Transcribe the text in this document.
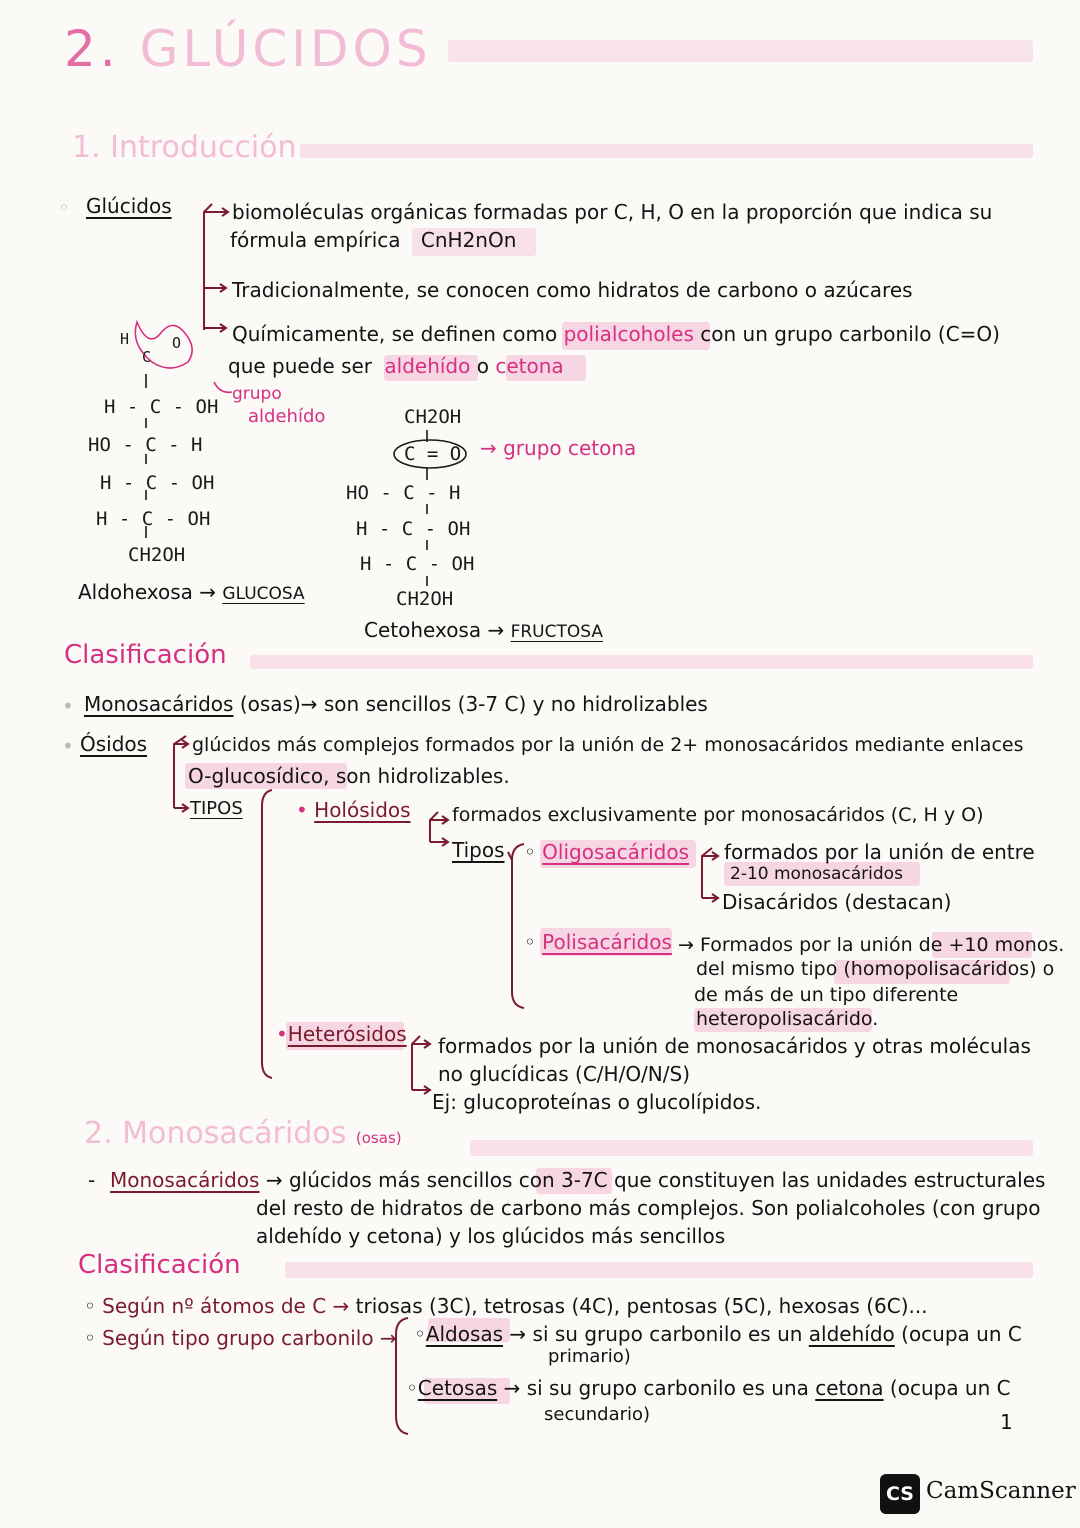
2. GLÚCIDOS
1. Introducción
◦ Glúcidos	biomoléculas orgánicas formadas por C, H, O en la proporción que indica su
fórmula empírica CnH2nOn
Tradicionalmente, se conocen como hidratos de carbono o azúcares
Químicamente, se definen como polialcoholes con un grupo carbonilo (C=O)
que puede ser aldehído o cetona
H
C
O
H - C - OH
HO - C - H
H - C - OH
H - C - OH
CH2OH
grupo
aldehído
Aldohexosa → GLUCOSA
CH2OH
C = O → grupo cetona
HO - C - H
H - C - OH
H - C - OH
CH2OH
Cetohexosa → FRUCTOSA
Clasificación
• Monosacáridos (osas)→ son sencillos (3-7 C) y no hidrolizables
• Ósidos glúcidos más complejos formados por la unión de 2+ monosacáridos mediante enlaces
O-glucosídico, son hidrolizables.
TIPOS	• Holósidos formados exclusivamente por monosacáridos (C, H y O)
Tipos ◦ Oligosacáridos formados por la unión de entre
2-10 monosacáridos
Disacáridos (destacan)
◦ Polisacáridos → Formados por la unión de +10 monos.
del mismo tipo (homopolisacáridos) o
de más de un tipo diferente
heteropolisacárido.
•Heterósidos formados por la unión de monosacáridos y otras moléculas
no glucídicas (C/H/O/N/S)
Ej: glucoproteínas o glucolípidos.
2. Monosacáridos (osas)
- Monosacáridos → glúcidos más sencillos con 3-7C que constituyen las unidades estructurales
del resto de hidratos de carbono más complejos. Son polialcoholes (con grupo
aldehído y cetona) y los glúcidos más sencillos
Clasificación
◦ Según nº átomos de C → triosas (3C), tetrosas (4C), pentosas (5C), hexosas (6C)...
◦ Según tipo grupo carbonilo → ◦Aldosas → si su grupo carbonilo es un aldehído (ocupa un C
primario)
◦Cetosas → si su grupo carbonilo es una cetona (ocupa un C
secundario)	1
CS CamScanner
